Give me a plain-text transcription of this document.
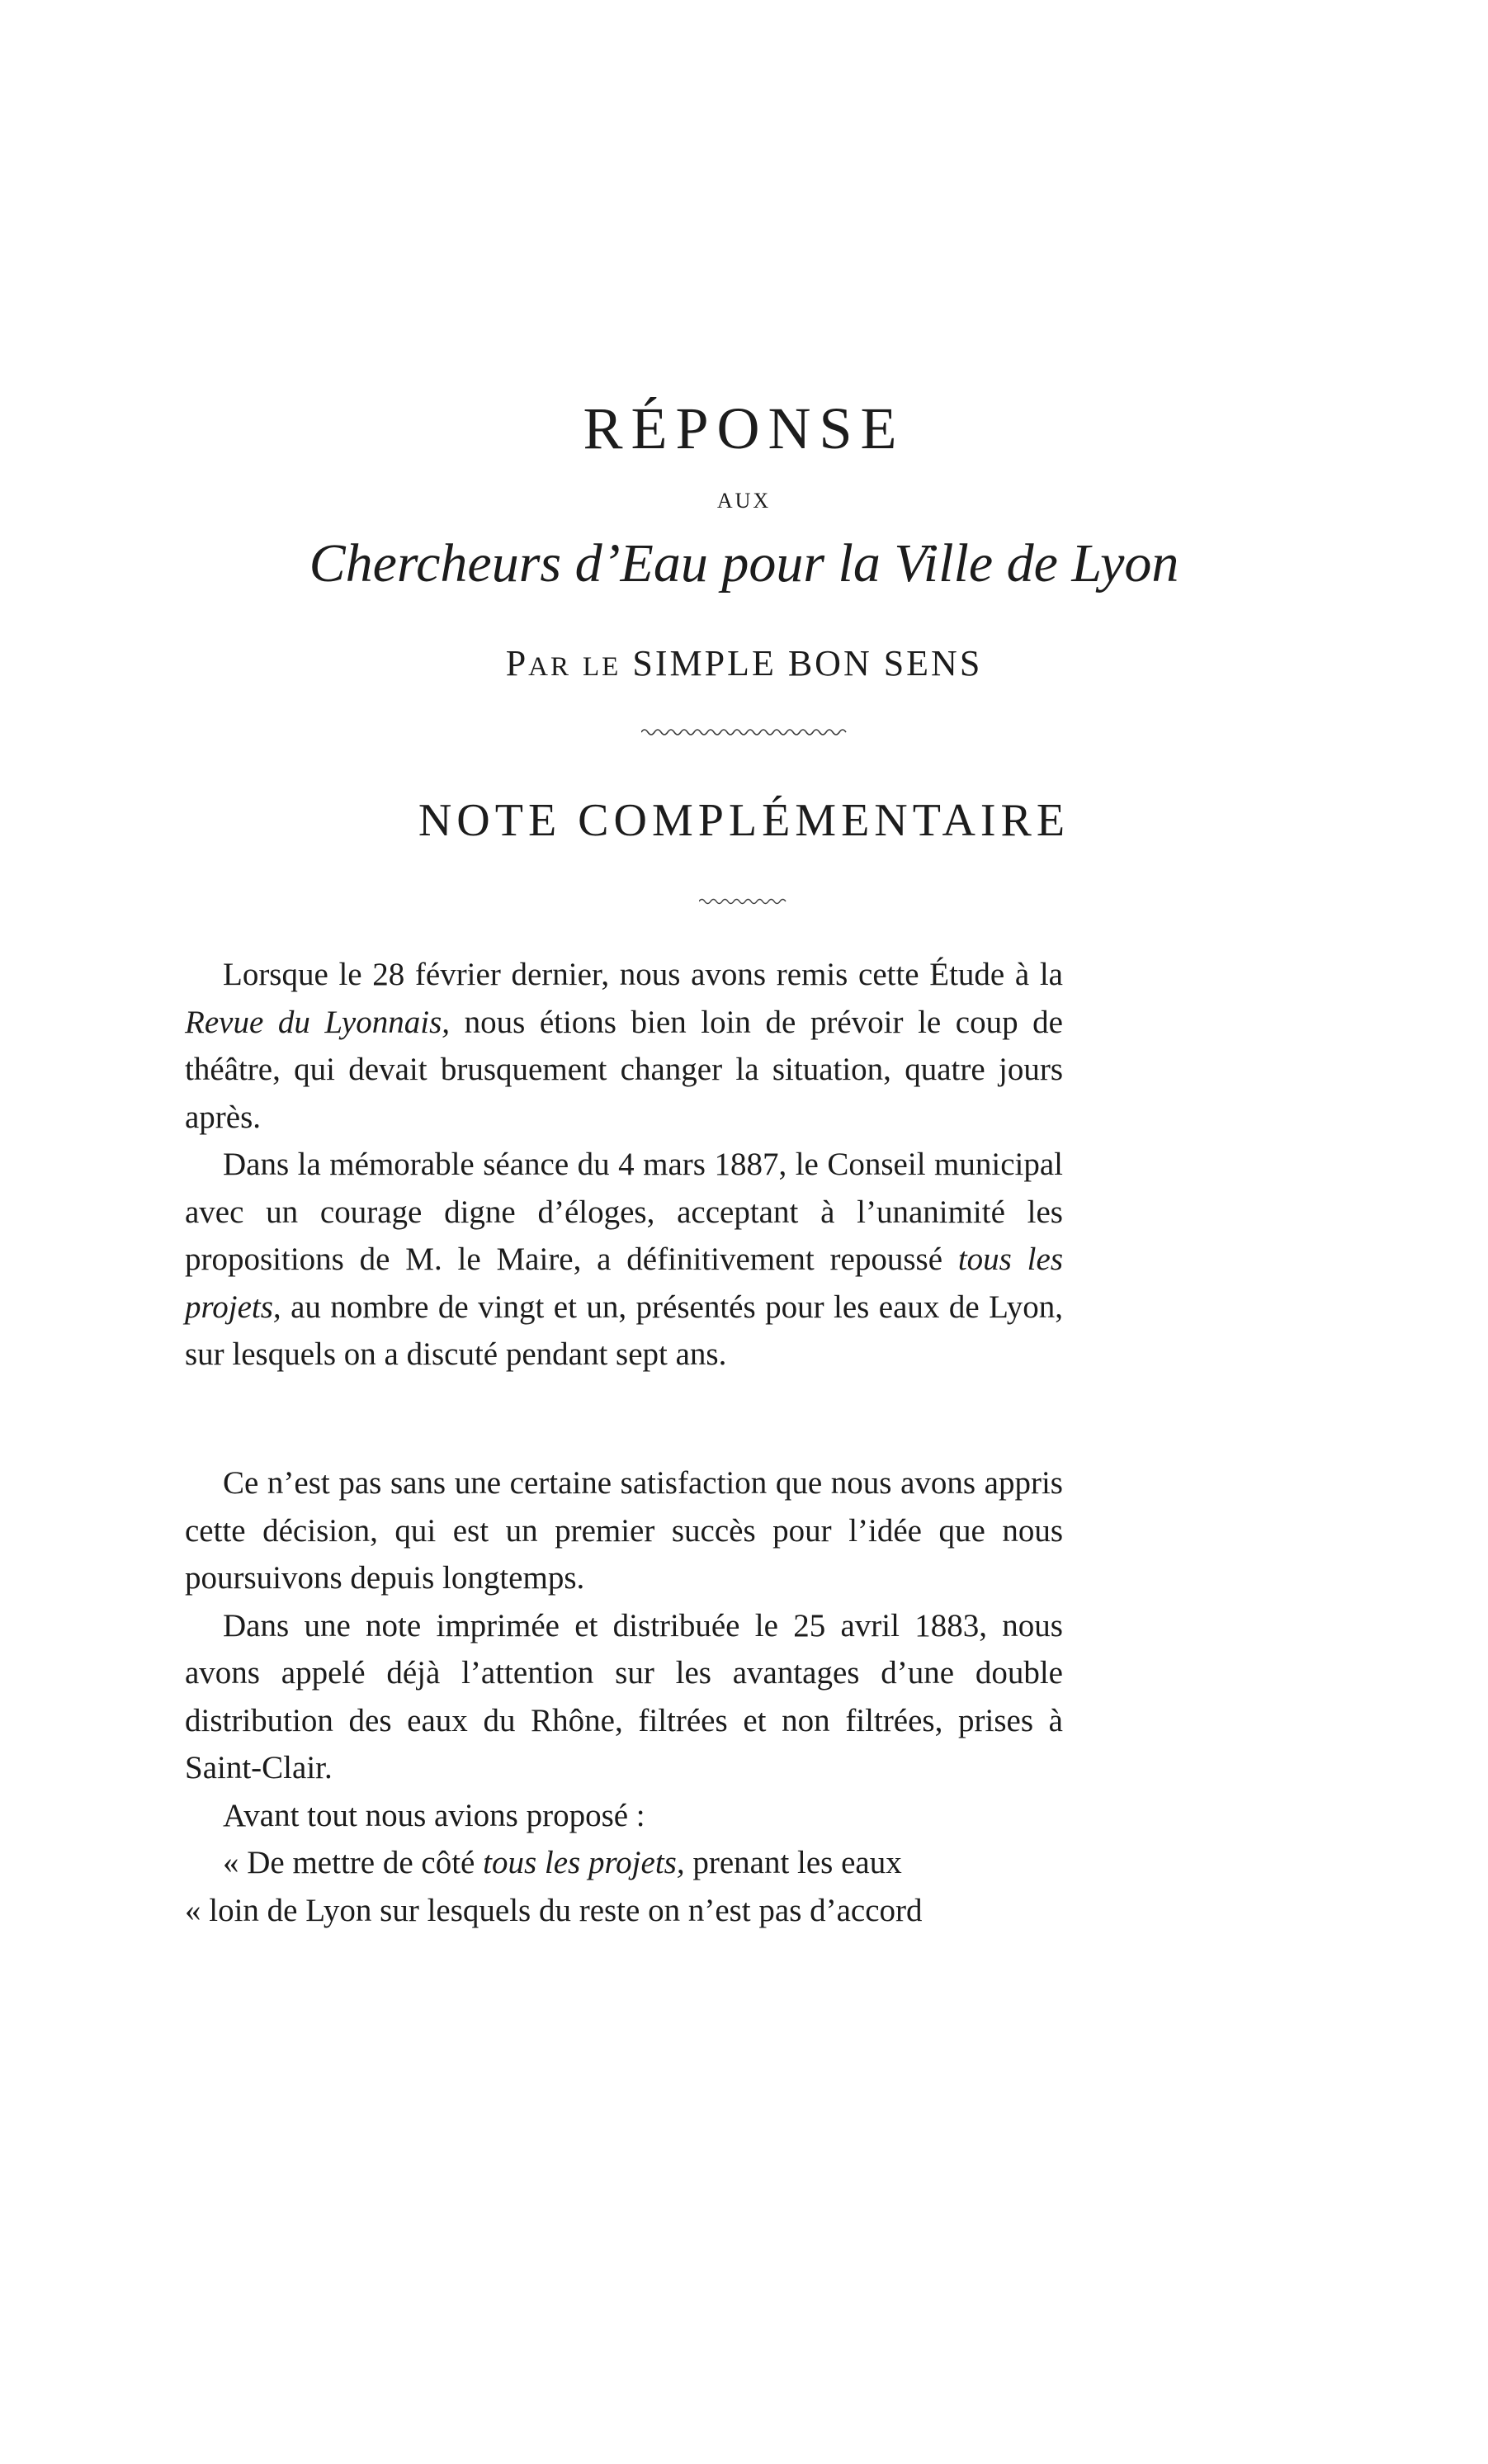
RÉPONSE
AUX
Chercheurs d’Eau pour la Ville de Lyon
PAR LE SIMPLE BON SENS
NOTE COMPLÉMENTAIRE

Lorsque le 28 février dernier, nous avons remis cette Étude à la Revue du Lyonnais, nous étions bien loin de prévoir le coup de théâtre, qui devait brusquement changer la situation, quatre jours après.

Dans la mémorable séance du 4 mars 1887, le Conseil municipal avec un courage digne d’éloges, acceptant à l’unanimité les propositions de M. le Maire, a définitivement repoussé tous les projets, au nombre de vingt et un, présentés pour les eaux de Lyon, sur lesquels on a discuté pendant sept ans.

Ce n’est pas sans une certaine satisfaction que nous avons appris cette décision, qui est un premier succès pour l’idée que nous poursuivons depuis longtemps.

Dans une note imprimée et distribuée le 25 avril 1883, nous avons appelé déjà l’attention sur les avantages d’une double distribution des eaux du Rhône, filtrées et non filtrées, prises à Saint-Clair.

Avant tout nous avions proposé :

« De mettre de côté tous les projets, prenant les eaux

« loin de Lyon sur lesquels du reste on n’est pas d’accord
